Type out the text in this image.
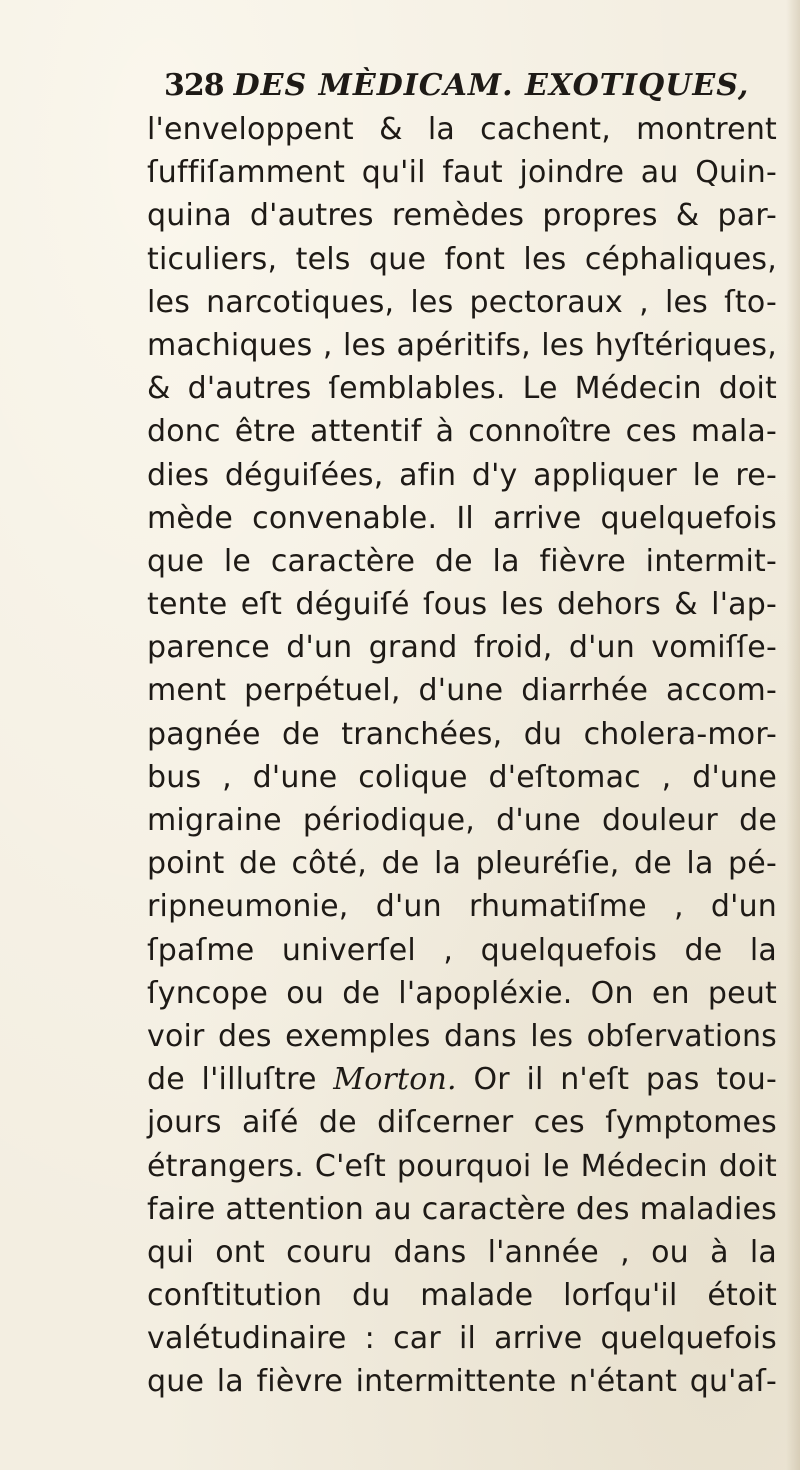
328 DES MÈDICAM. EXOTIQUES,
l'enveloppent & la cachent, montrent
ſuffiſamment qu'il faut joindre au Quin-
quina d'autres remèdes propres & par-
ticuliers, tels que font les céphaliques,
les narcotiques, les pectoraux , les ſto-
machiques , les apéritifs, les hyſtériques,
& d'autres ſemblables. Le Médecin doit
donc être attentif à connoître ces mala-
dies déguiſées, afin d'y appliquer le re-
mède convenable. Il arrive quelquefois
que le caractère de la fièvre intermit-
tente eſt déguiſé ſous les dehors & l'ap-
parence d'un grand froid, d'un vomiſſe-
ment perpétuel, d'une diarrhée accom-
pagnée de tranchées, du cholera-mor-
bus , d'une colique d'eſtomac , d'une
migraine périodique, d'une douleur de
point de côté, de la pleuréſie, de la pé-
ripneumonie, d'un rhumatiſme , d'un
ſpaſme univerſel , quelquefois de la
ſyncope ou de l'apopléxie. On en peut
voir des exemples dans les obſervations
de l'illuſtre Morton. Or il n'eſt pas tou-
jours aiſé de diſcerner ces ſymptomes
étrangers. C'eſt pourquoi le Médecin doit
faire attention au caractère des maladies
qui ont couru dans l'année , ou à la
conſtitution du malade lorſqu'il étoit
valétudinaire : car il arrive quelquefois
que la fièvre intermittente n'étant qu'aſ-
